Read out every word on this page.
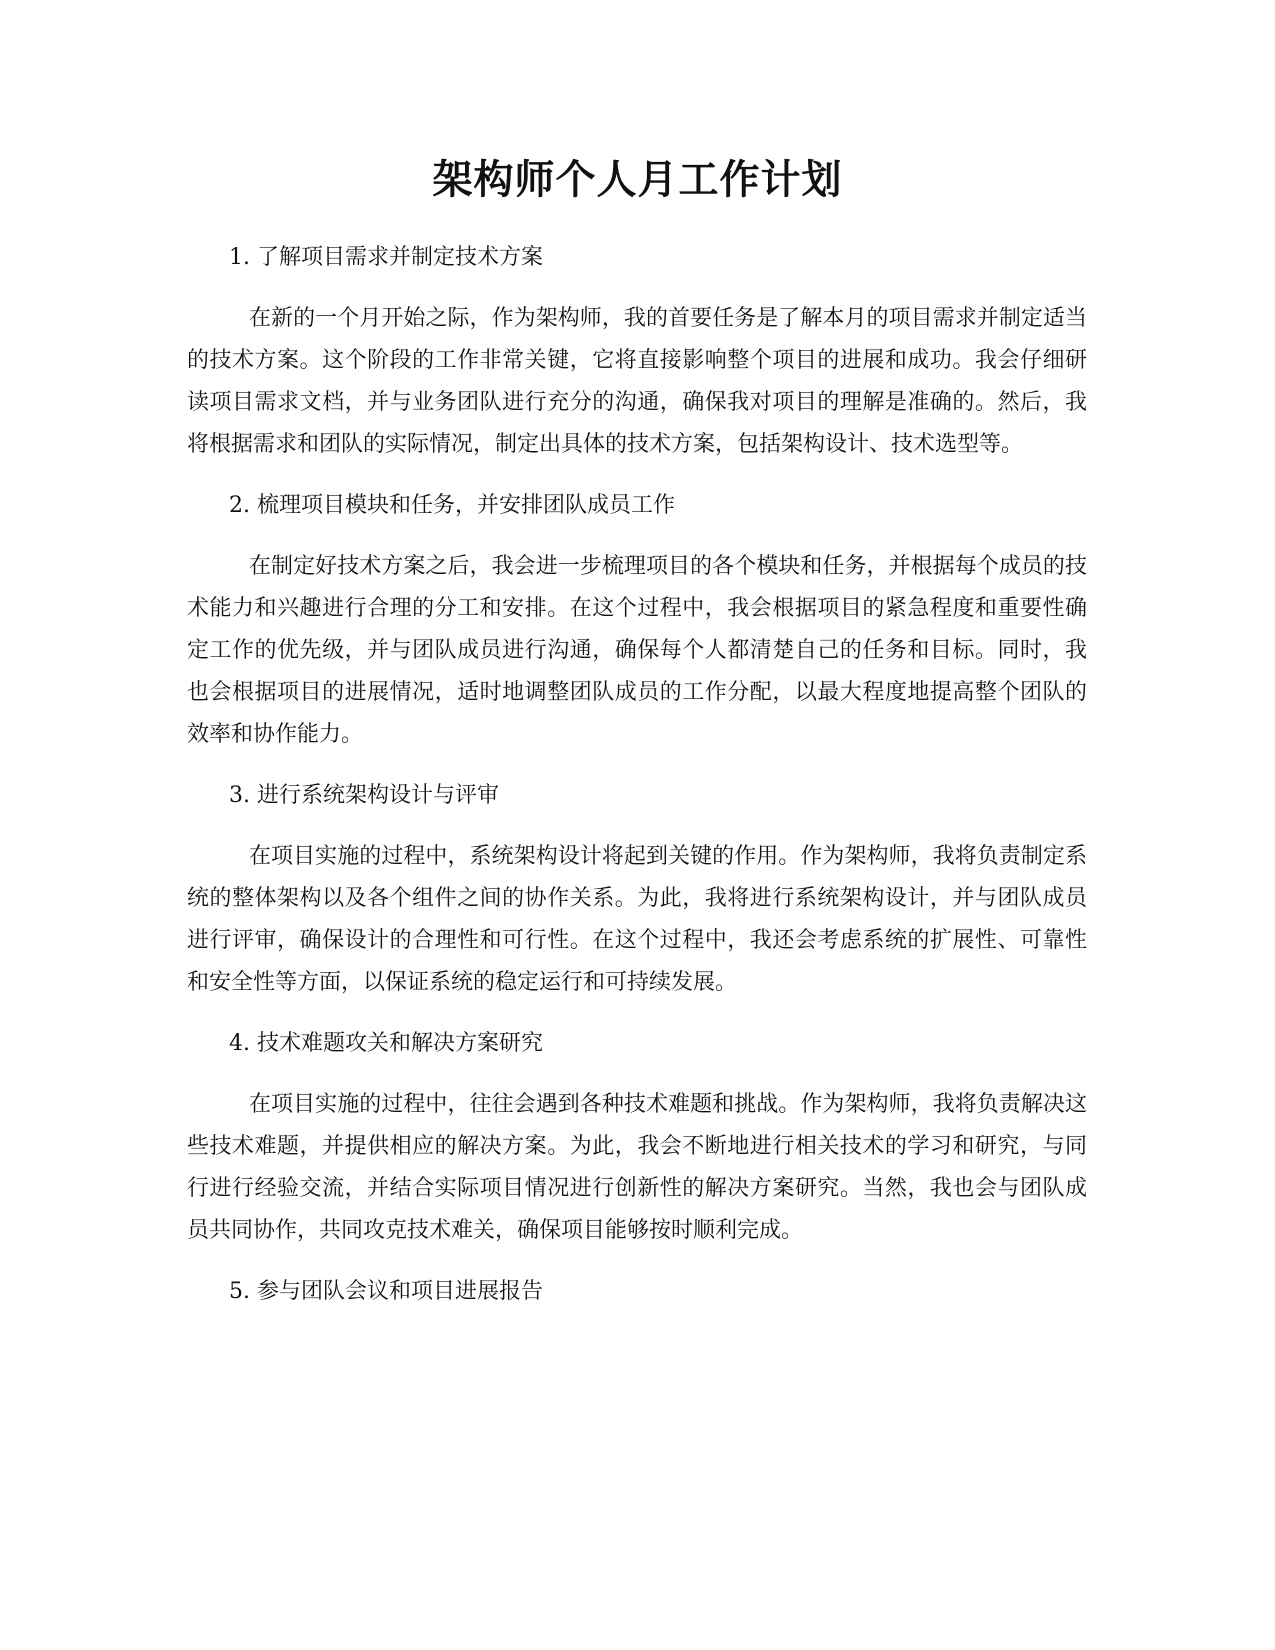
架构师个人月工作计划

1. 了解项目需求并制定技术方案

在新的一个月开始之际，作为架构师，我的首要任务是了解本月的项目需求并制定适当的技术方案。这个阶段的工作非常关键，它将直接影响整个项目的进展和成功。我会仔细研读项目需求文档，并与业务团队进行充分的沟通，确保我对项目的理解是准确的。然后，我将根据需求和团队的实际情况，制定出具体的技术方案，包括架构设计、技术选型等。

2. 梳理项目模块和任务，并安排团队成员工作

在制定好技术方案之后，我会进一步梳理项目的各个模块和任务，并根据每个成员的技术能力和兴趣进行合理的分工和安排。在这个过程中，我会根据项目的紧急程度和重要性确定工作的优先级，并与团队成员进行沟通，确保每个人都清楚自己的任务和目标。同时，我也会根据项目的进展情况，适时地调整团队成员的工作分配，以最大程度地提高整个团队的效率和协作能力。

3. 进行系统架构设计与评审

在项目实施的过程中，系统架构设计将起到关键的作用。作为架构师，我将负责制定系统的整体架构以及各个组件之间的协作关系。为此，我将进行系统架构设计，并与团队成员进行评审，确保设计的合理性和可行性。在这个过程中，我还会考虑系统的扩展性、可靠性和安全性等方面，以保证系统的稳定运行和可持续发展。

4. 技术难题攻关和解决方案研究

在项目实施的过程中，往往会遇到各种技术难题和挑战。作为架构师，我将负责解决这些技术难题，并提供相应的解决方案。为此，我会不断地进行相关技术的学习和研究，与同行进行经验交流，并结合实际项目情况进行创新性的解决方案研究。当然，我也会与团队成员共同协作，共同攻克技术难关，确保项目能够按时顺利完成。

5. 参与团队会议和项目进展报告
